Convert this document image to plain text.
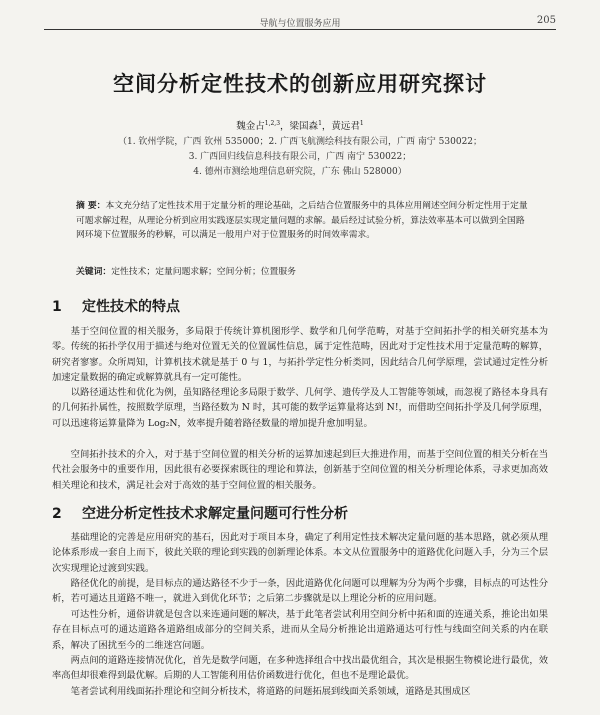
导航与位置服务应用	205
空间分析定性技术的创新应用研究探讨
魏金占$^{1,2,3}$，梁国森$^1$，黄远君$^1$
（1. 钦州学院，广西 钦州 535000；2. 广西飞航测绘科技有限公司，广西 南宁 530022；
3. 广西回归线信息科技有限公司，广西 南宁 530022；
4. 德州市测绘地理信息研究院，广东 佛山 528000）
摘 要：本文充分结了定性技术用于定量分析的理论基础，之后结合位置服务中的具体应用阐述空间分析定性用于定量可题求解过程，从理论分析到应用实践逐层实现定量问题的求解。最后经过试验分析，算法效率基本可以做到全国路网环境下位置服务的秒解，可以满足一般用户对于位置服务的时间效率需求。
关键词：定性技术；定量问题求解；空间分析；位置服务
1 定性技术的特点
基于空间位置的相关服务，多局限于传统计算机图形学、数学和几何学范畴，对基于空间拓扑学的相关研究基本为零。传统的拓扑学仅用于描述与绝对位置无关的位置属性信息，属于定性范畴，因此对于定性技术用于定量范畴的解算，研究者寥寥。众所周知，计算机技术就是基于 0 与 1，与拓扑学定性分析类同，因此结合几何学原理，尝试通过定性分析加速定量数据的确定或解算就具有一定可能性。
以路径通达性和优化为例，虽知路径理论多局限于数学、几何学、遗传学及人工智能等领域，而忽视了路径本身具有的几何拓扑属性，按照数学原理，当路径数为 N 时，其可能的数学运算量将达到 N!，而借助空间拓扑学及几何学原理，可以迅速将运算量降为 Log₂N，效率提升随着路径数量的增加提升愈加明显。
空间拓扑技术的介入，对于基于空间位置的相关分析的运算加速起到巨大推进作用，而基于空间位置的相关分析在当代社会服务中的重要作用，因此很有必要探索既往的理论和算法，创新基于空间位置的相关分析理论体系，寻求更加高效相关理论和技术，满足社会对于高效的基于空间位置的相关服务。
2 空进分析定性技术求解定量问题可行性分析
基础理论的完善是应用研究的基石，因此对于项目本身，确定了利用定性技术解决定量问题的基本思路，就必须从理论体系形成一套自上而下，彼此关联的理论到实践的创新理论体系。本文从位置服务中的道路优化问题入手，分为三个层次实现理论过渡到实践。
路径优化的前提，是目标点的通达路径不少于一条，因此道路优化问题可以理解为分为两个步骤，目标点的可达性分析，若可通达且道路不唯一，就进入到优化环节；之后第二步骤就是以上理论分析的应用问题。
可达性分析，通俗讲就是包含以来连通问题的解决，基于此笔者尝试利用空间分析中拓和面的连通关系，推论出如果存在目标点可的通达道路各道路组成部分的空间关系，进而从全局分析推论出道路通达可行性与线面空间关系的内在联系，解决了困扰至今的二维迷宫问题。
两点间的道路连接情况优化，首先是数学问题，在多种选择组合中找出最优组合，其次是根据生物模论进行最优，效率高但却很难得到最优解。后期的人工智能利用估价函数进行优化，但也不是理论最优。
笔者尝试利用线面拓扑理论和空间分析技术，将道路的问题拓展到线面关系领域，道路是其围成区
